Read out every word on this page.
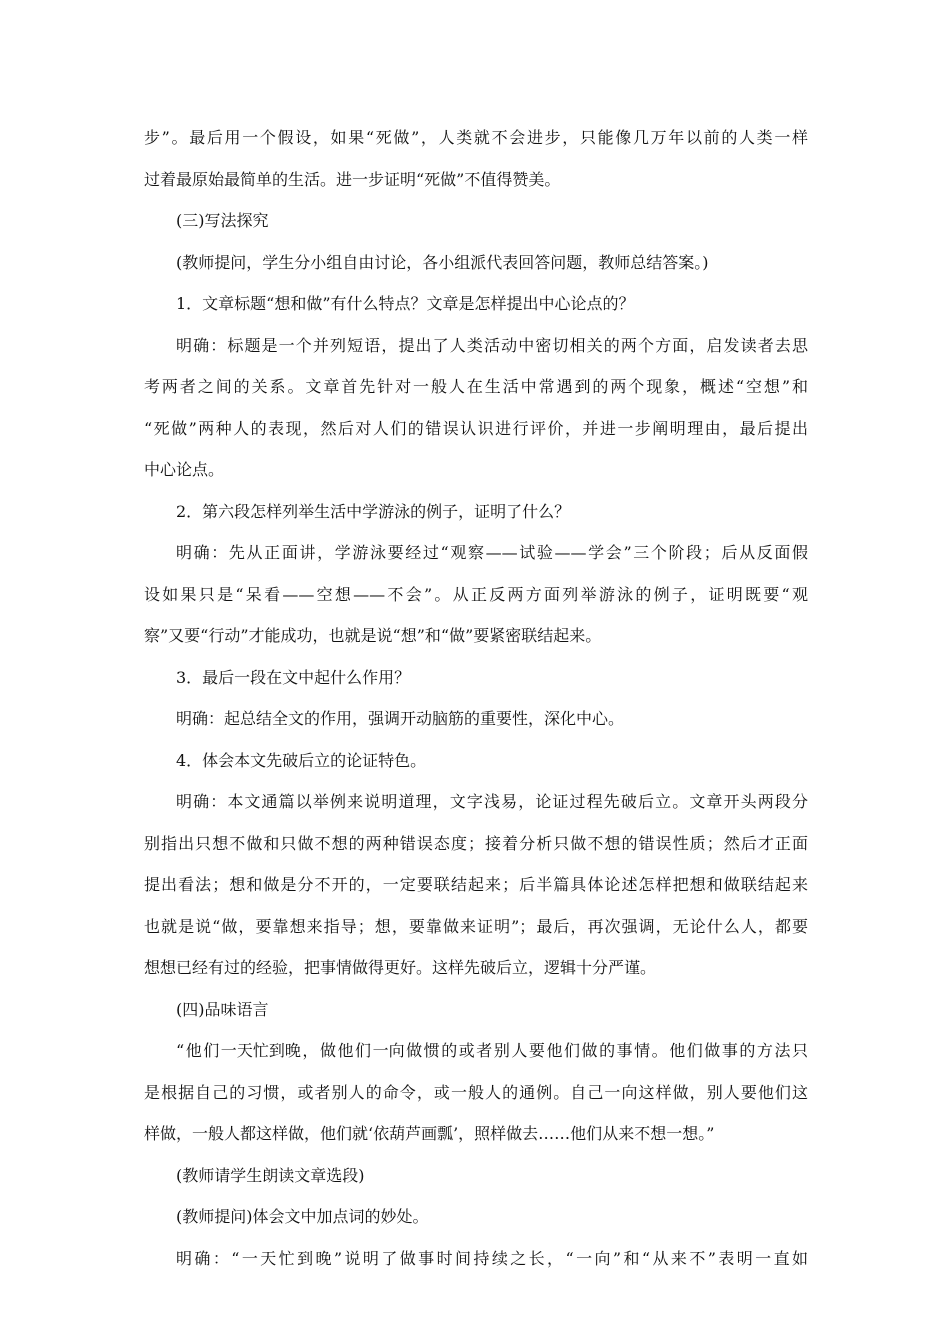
步”。最后用一个假设，如果“死做”，人类就不会进步，只能像几万年以前的人类一样
过着最原始最简单的生活。进一步证明“死做”不值得赞美。
(三)写法探究
(教师提问，学生分小组自由讨论，各小组派代表回答问题，教师总结答案。)
1．文章标题“想和做”有什么特点？文章是怎样提出中心论点的？
明确：标题是一个并列短语，提出了人类活动中密切相关的两个方面，启发读者去思
考两者之间的关系。文章首先针对一般人在生活中常遇到的两个现象，概述“空想”和
“死做”两种人的表现，然后对人们的错误认识进行评价，并进一步阐明理由，最后提出
中心论点。
2．第六段怎样列举生活中学游泳的例子，证明了什么？
明确：先从正面讲，学游泳要经过“观察——试验——学会”三个阶段；后从反面假
设如果只是“呆看——空想——不会”。从正反两方面列举游泳的例子，证明既要“观
察”又要“行动”才能成功，也就是说“想”和“做”要紧密联结起来。
3．最后一段在文中起什么作用？
明确：起总结全文的作用，强调开动脑筋的重要性，深化中心。
4．体会本文先破后立的论证特色。
明确：本文通篇以举例来说明道理，文字浅易，论证过程先破后立。文章开头两段分
别指出只想不做和只做不想的两种错误态度；接着分析只做不想的错误性质；然后才正面
提出看法；想和做是分不开的，一定要联结起来；后半篇具体论述怎样把想和做联结起来
也就是说“做，要靠想来指导；想，要靠做来证明”；最后，再次强调，无论什么人，都要
想想已经有过的经验，把事情做得更好。这样先破后立，逻辑十分严谨。
(四)品味语言
“他们一天忙到晚，做他们一向做惯的或者别人要他们做的事情。他们做事的方法只
是根据自己的习惯，或者别人的命令，或一般人的通例。自己一向这样做，别人要他们这
样做，一般人都这样做，他们就‘依葫芦画瓢’，照样做去……他们从来不想一想。”
(教师请学生朗读文章选段)
(教师提问)体会文中加点词的妙处。
明确：“一天忙到晚”说明了做事时间持续之长，“一向”和“从来不”表明一直如
